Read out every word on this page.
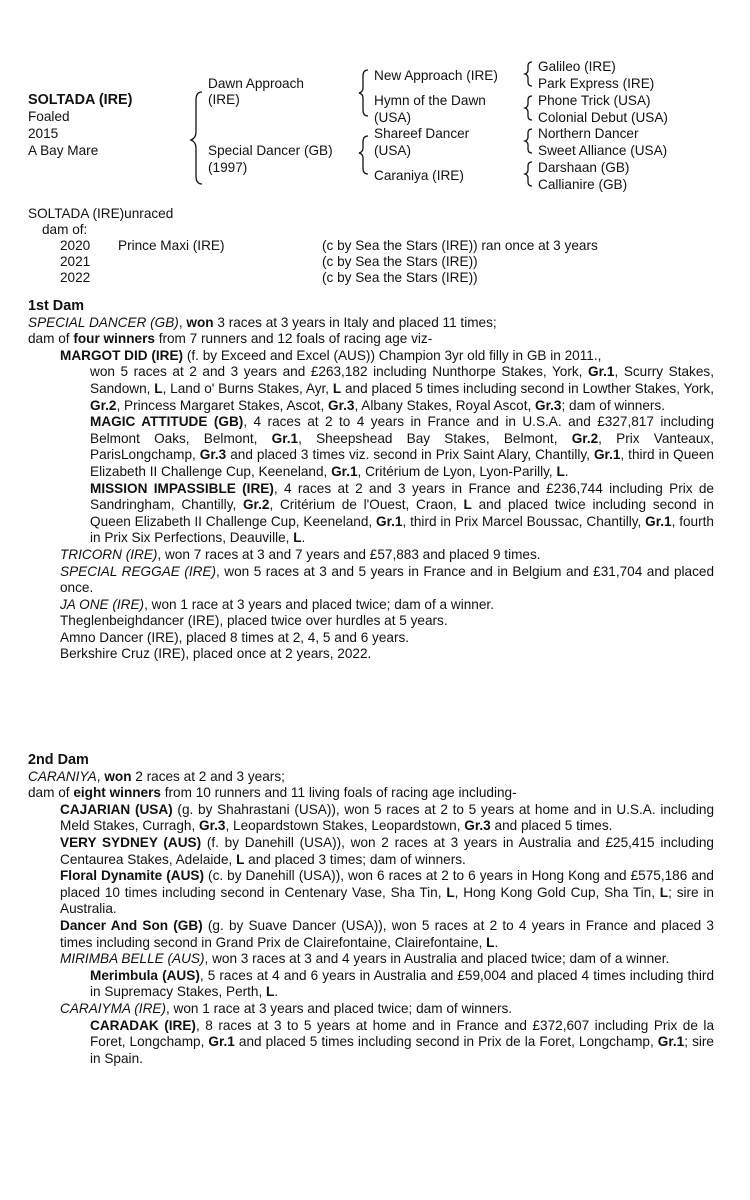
SOLTADA (IRE)
Foaled
2015
A Bay Mare
Dawn Approach
(IRE)
Special Dancer (GB)
(1997)
New Approach (IRE)
Hymn of the Dawn
(USA)
Shareef Dancer
(USA)
Caraniya (IRE)
Galileo (IRE)
Park Express (IRE)
Phone Trick (USA)
Colonial Debut (USA)
Northern Dancer
Sweet Alliance (USA)
Darshaan (GB)
Callianire (GB)
SOLTADA (IRE)unraced
dam of:
2020 Prince Maxi (IRE)	(c by Sea the Stars (IRE)) ran once at 3 years
2021	(c by Sea the Stars (IRE))
2022	(c by Sea the Stars (IRE))
1st Dam
SPECIAL DANCER (GB), won 3 races at 3 years in Italy and placed 11 times;
dam of four winners from 7 runners and 12 foals of racing age viz-
MARGOT DID (IRE) (f. by Exceed and Excel (AUS)) Champion 3yr old filly in GB in 2011.,
won 5 races at 2 and 3 years and £263,182 including Nunthorpe Stakes, York, Gr.1, Scurry Stakes, Sandown, L, Land o' Burns Stakes, Ayr, L and placed 5 times including second in Lowther Stakes, York, Gr.2, Princess Margaret Stakes, Ascot, Gr.3, Albany Stakes, Royal Ascot, Gr.3; dam of winners.
MAGIC ATTITUDE (GB), 4 races at 2 to 4 years in France and in U.S.A. and £327,817 including Belmont Oaks, Belmont, Gr.1, Sheepshead Bay Stakes, Belmont, Gr.2, Prix Vanteaux, ParisLongchamp, Gr.3 and placed 3 times viz. second in Prix Saint Alary, Chantilly, Gr.1, third in Queen Elizabeth II Challenge Cup, Keeneland, Gr.1, Critérium de Lyon, Lyon-Parilly, L.
MISSION IMPASSIBLE (IRE), 4 races at 2 and 3 years in France and £236,744 including Prix de Sandringham, Chantilly, Gr.2, Critérium de l'Ouest, Craon, L and placed twice including second in Queen Elizabeth II Challenge Cup, Keeneland, Gr.1, third in Prix Marcel Boussac, Chantilly, Gr.1, fourth in Prix Six Perfections, Deauville, L.
TRICORN (IRE), won 7 races at 3 and 7 years and £57,883 and placed 9 times.
SPECIAL REGGAE (IRE), won 5 races at 3 and 5 years in France and in Belgium and £31,704 and placed once.
JA ONE (IRE), won 1 race at 3 years and placed twice; dam of a winner.
Theglenbeighdancer (IRE), placed twice over hurdles at 5 years.
Amno Dancer (IRE), placed 8 times at 2, 4, 5 and 6 years.
Berkshire Cruz (IRE), placed once at 2 years, 2022.
2nd Dam
CARANIYA, won 2 races at 2 and 3 years;
dam of eight winners from 10 runners and 11 living foals of racing age including-
CAJARIAN (USA) (g. by Shahrastani (USA)), won 5 races at 2 to 5 years at home and in U.S.A. including Meld Stakes, Curragh, Gr.3, Leopardstown Stakes, Leopardstown, Gr.3 and placed 5 times.
VERY SYDNEY (AUS) (f. by Danehill (USA)), won 2 races at 3 years in Australia and £25,415 including Centaurea Stakes, Adelaide, L and placed 3 times; dam of winners.
Floral Dynamite (AUS) (c. by Danehill (USA)), won 6 races at 2 to 6 years in Hong Kong and £575,186 and placed 10 times including second in Centenary Vase, Sha Tin, L, Hong Kong Gold Cup, Sha Tin, L; sire in Australia.
Dancer And Son (GB) (g. by Suave Dancer (USA)), won 5 races at 2 to 4 years in France and placed 3 times including second in Grand Prix de Clairefontaine, Clairefontaine, L.
MIRIMBA BELLE (AUS), won 3 races at 3 and 4 years in Australia and placed twice; dam of a winner.
Merimbula (AUS), 5 races at 4 and 6 years in Australia and £59,004 and placed 4 times including third in Supremacy Stakes, Perth, L.
CARAIYMA (IRE), won 1 race at 3 years and placed twice; dam of winners.
CARADAK (IRE), 8 races at 3 to 5 years at home and in France and £372,607 including Prix de la Foret, Longchamp, Gr.1 and placed 5 times including second in Prix de la Foret, Longchamp, Gr.1; sire in Spain.
